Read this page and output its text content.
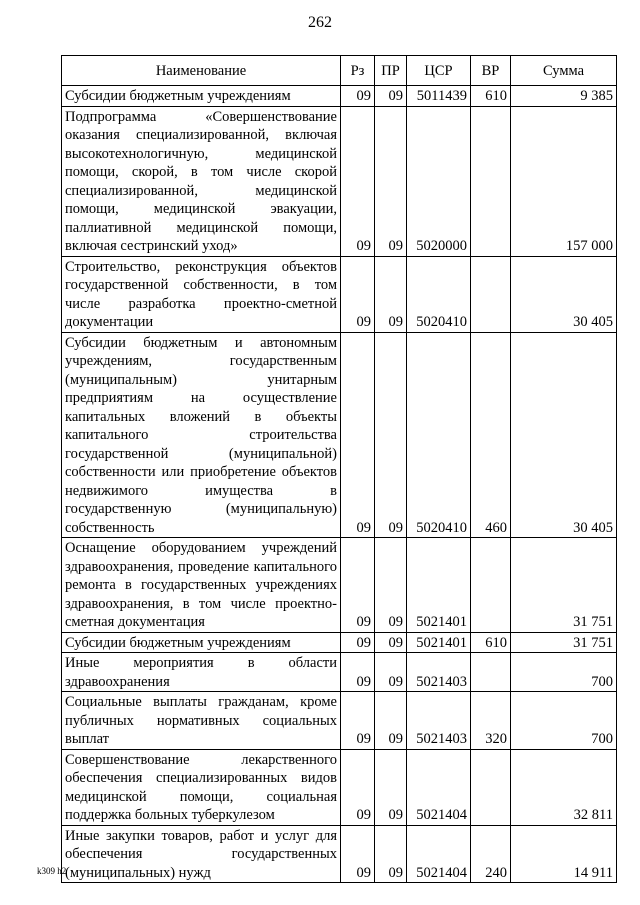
262
Наименование	Рз	ПР	ЦСР	ВР	Сумма
Субсидии бюджетным учреждениям	09	09	5011439	610	9 385
Подпрограмма «Совершенствование оказания специализированной, включая высокотехнологичную, медицинской помощи, скорой, в том числе скорой специализированной, медицинской помощи, медицинской эвакуации, паллиативной медицинской помощи, включая сестринский уход»	09	09	5020000		157 000
Строительство, реконструкция объектов государственной собственности, в том числе разработка проектно-сметной документации	09	09	5020410		30 405
Субсидии бюджетным и автономным учреждениям, государственным (муниципальным) унитарным предприятиям на осуществление капитальных вложений в объекты капитального строительства государственной (муниципальной) собственности или приобретение объектов недвижимого имущества в государственную (муниципальную) собственность	09	09	5020410	460	30 405
Оснащение оборудованием учреждений здравоохранения, проведение капитального ремонта в государственных учреждениях здравоохранения, в том числе проектно-сметная документация	09	09	5021401		31 751
Субсидии бюджетным учреждениям	09	09	5021401	610	31 751
Иные мероприятия в области здравоохранения	09	09	5021403		700
Социальные выплаты гражданам, кроме публичных нормативных социальных выплат	09	09	5021403	320	700
Совершенствование лекарственного обеспечения специализированных видов медицинской помощи, социальная поддержка больных туберкулезом	09	09	5021404		32 811
Иные закупки товаров, работ и услуг для обеспечения государственных (муниципальных) нужд	09	09	5021404	240	14 911
k309 h2
